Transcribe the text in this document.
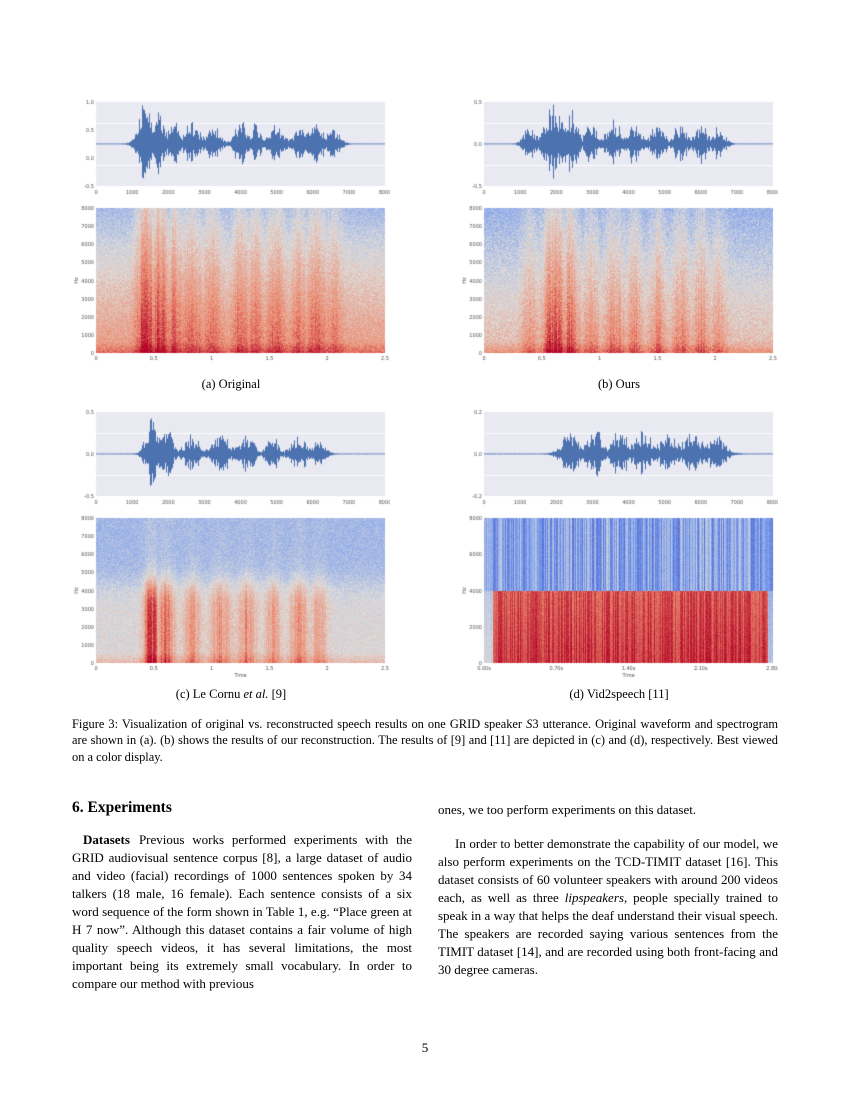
(a) Original	(b) Ours
(c) Le Cornu et al. [9]	(d) Vid2speech [11]
Figure 3: Visualization of original vs. reconstructed speech results on one GRID speaker S3 utterance. Original waveform and spectrogram are shown in (a). (b) shows the results of our reconstruction. The results of [9] and [11] are depicted in (c) and (d), respectively. Best viewed on a color display.
6. Experiments

Datasets Previous works performed experiments with the GRID audiovisual sentence corpus [8], a large dataset of audio and video (facial) recordings of 1000 sentences spoken by 34 talkers (18 male, 16 female). Each sentence consists of a six word sequence of the form shown in Table 1, e.g. “Place green at H 7 now”. Although this dataset contains a fair volume of high quality speech videos, it has several limitations, the most important being its extremely small vocabulary. In order to compare our method with previous

ones, we too perform experiments on this dataset.

In order to better demonstrate the capability of our model, we also perform experiments on the TCD-TIMIT dataset [16]. This dataset consists of 60 volunteer speakers with around 200 videos each, as well as three lipspeakers, people specially trained to speak in a way that helps the deaf understand their visual speech. The speakers are recorded saying various sentences from the TIMIT dataset [14], and are recorded using both front-facing and 30 degree cameras.

5
